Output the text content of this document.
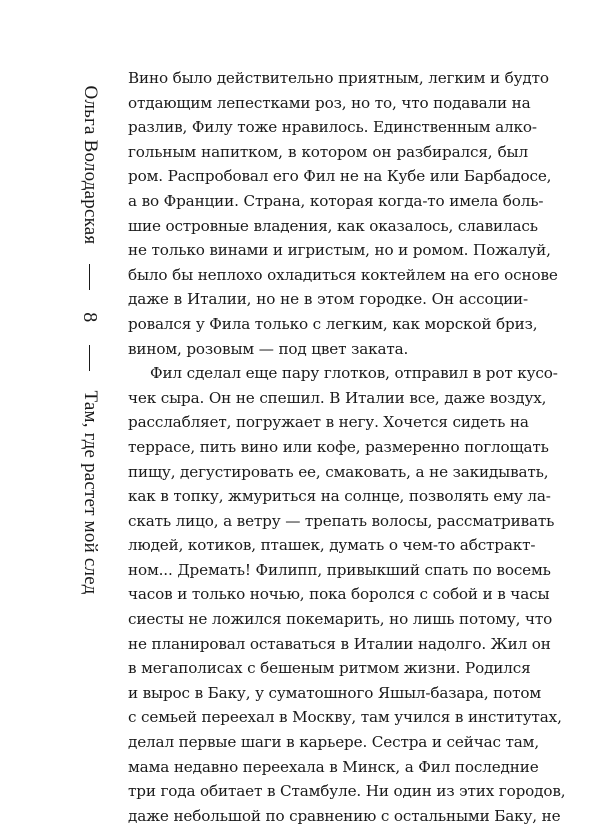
Ольга Володарская
8
Там, где растет мой след
Вино было действительно приятным, легким и будто
отдающим лепестками роз, но то, что подавали на
разлив, Филу тоже нравилось. Единственным алко-
гольным напитком, в котором он разбирался, был
ром. Распробовал его Фил не на Кубе или Барбадосе,
а во Франции. Страна, которая когда-то имела боль-
шие островные владения, как оказалось, славилась
не только винами и игристым, но и ромом. Пожалуй,
было бы неплохо охладиться коктейлем на его основе
даже в Италии, но не в этом городке. Он ассоции-
ровался у Фила только с легким, как морской бриз,
вином, розовым — под цвет заката.
Фил сделал еще пару глотков, отправил в рот кусо-
чек сыра. Он не спешил. В Италии все, даже воздух,
расслабляет, погружает в негу. Хочется сидеть на
террасе, пить вино или кофе, размеренно поглощать
пищу, дегустировать ее, смаковать, а не закидывать,
как в топку, жмуриться на солнце, позволять ему ла-
скать лицо, а ветру — трепать волосы, рассматривать
людей, котиков, пташек, думать о чем-то абстракт-
ном... Дремать! Филипп, привыкший спать по восемь
часов и только ночью, пока боролся с собой и в часы
сиесты не ложился покемарить, но лишь потому, что
не планировал оставаться в Италии надолго. Жил он
в мегаполисах с бешеным ритмом жизни. Родился
и вырос в Баку, у суматошного Яшыл-базара, потом
с семьей переехал в Москву, там учился в институтах,
делал первые шаги в карьере. Сестра и сейчас там,
мама недавно переехала в Минск, а Фил последние
три года обитает в Стамбуле. Ни один из этих городов,
даже небольшой по сравнению с остальными Баку, не
